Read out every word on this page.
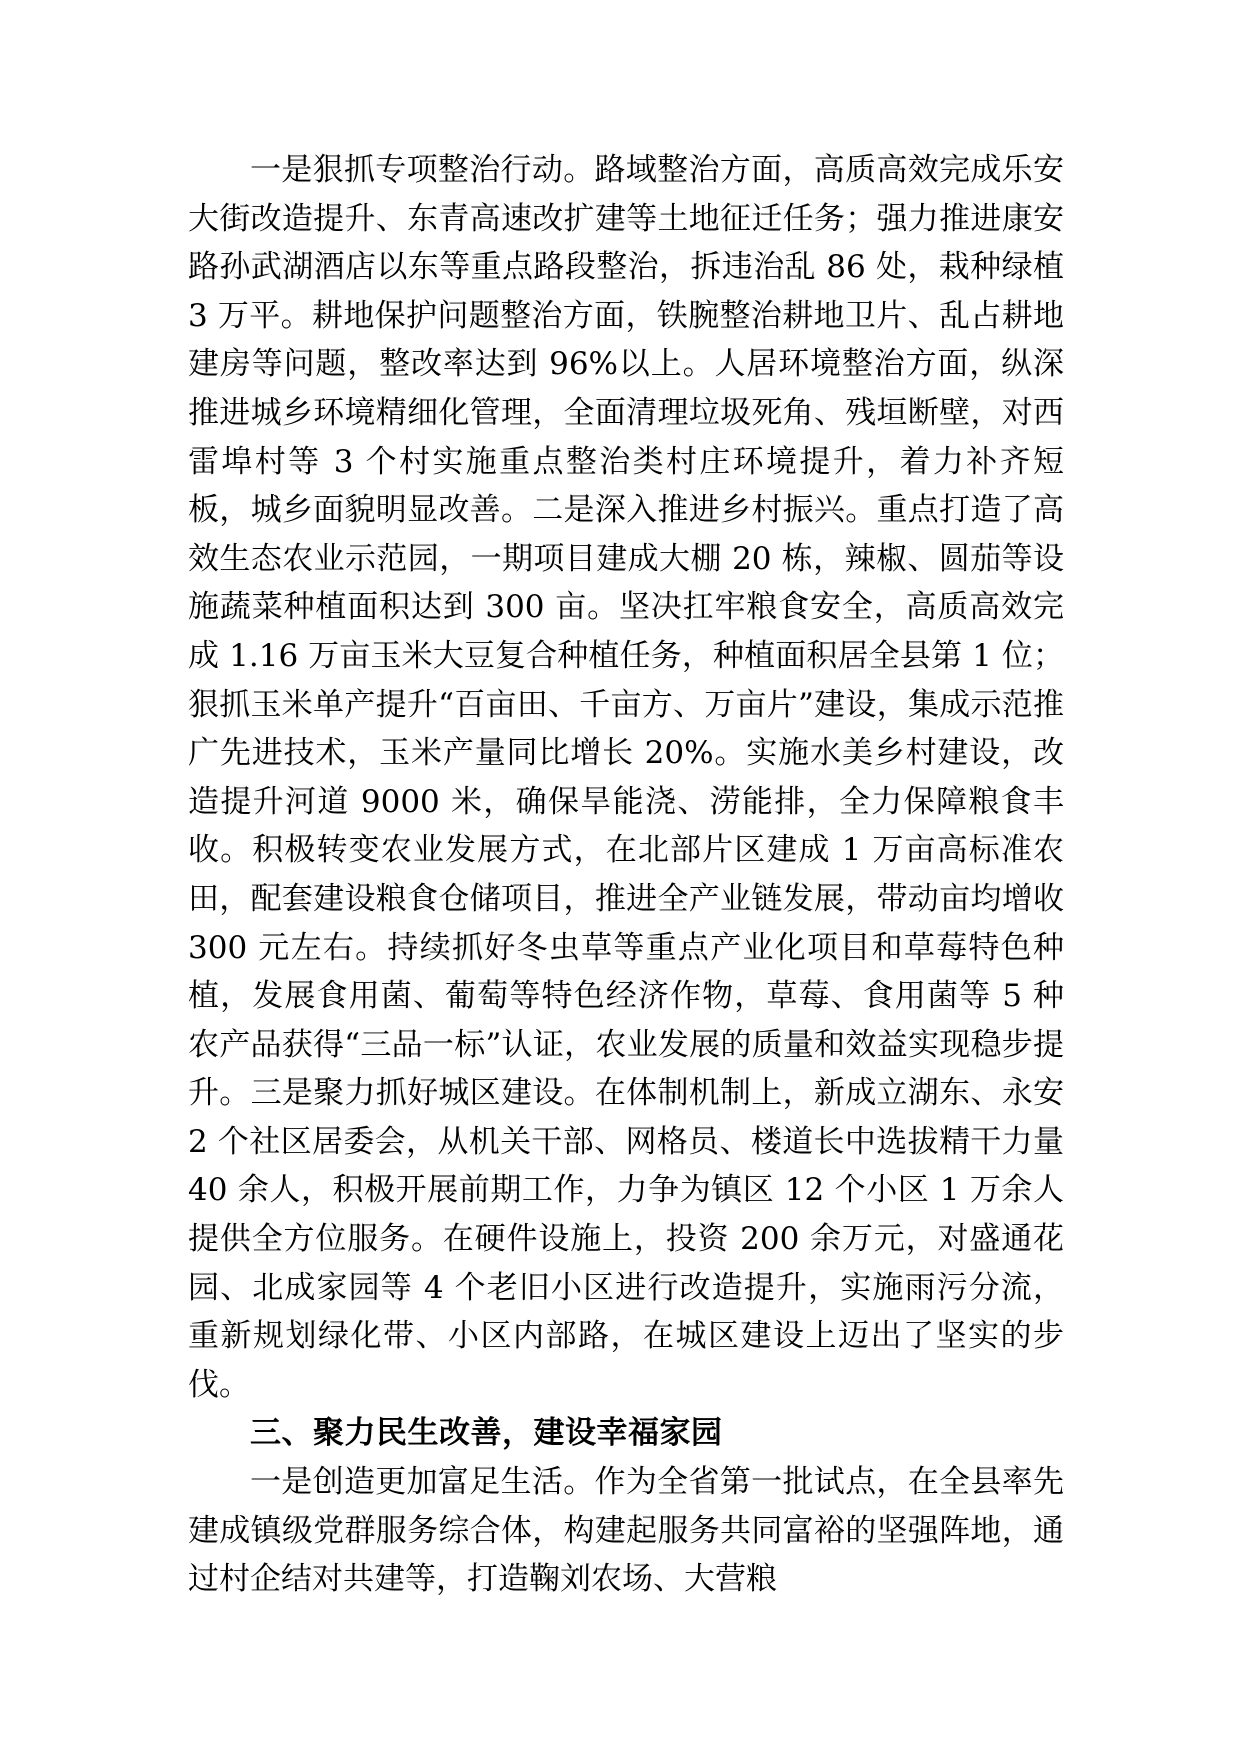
一是狠抓专项整治行动。路域整治方面，高质高效完成乐安大街改造提升、东青高速改扩建等土地征迁任务；强力推进康安路孙武湖酒店以东等重点路段整治，拆违治乱 86 处，栽种绿植 3 万平。耕地保护问题整治方面，铁腕整治耕地卫片、乱占耕地建房等问题，整改率达到 96%以上。人居环境整治方面，纵深推进城乡环境精细化管理，全面清理垃圾死角、残垣断壁，对西雷埠村等 3 个村实施重点整治类村庄环境提升，着力补齐短板，城乡面貌明显改善。二是深入推进乡村振兴。重点打造了高效生态农业示范园，一期项目建成大棚 20 栋，辣椒、圆茄等设施蔬菜种植面积达到 300 亩。坚决扛牢粮食安全，高质高效完成 1.16 万亩玉米大豆复合种植任务，种植面积居全县第 1 位；狠抓玉米单产提升“百亩田、千亩方、万亩片”建设，集成示范推广先进技术，玉米产量同比增长 20%。实施水美乡村建设，改造提升河道 9000 米，确保旱能浇、涝能排，全力保障粮食丰收。积极转变农业发展方式，在北部片区建成 1 万亩高标准农田，配套建设粮食仓储项目，推进全产业链发展，带动亩均增收 300 元左右。持续抓好冬虫草等重点产业化项目和草莓特色种植，发展食用菌、葡萄等特色经济作物，草莓、食用菌等 5 种农产品获得“三品一标”认证，农业发展的质量和效益实现稳步提升。三是聚力抓好城区建设。在体制机制上，新成立湖东、永安 2 个社区居委会，从机关干部、网格员、楼道长中选拔精干力量 40 余人，积极开展前期工作，力争为镇区 12 个小区 1 万余人提供全方位服务。在硬件设施上，投资 200 余万元，对盛通花园、北成家园等 4 个老旧小区进行改造提升，实施雨污分流，重新规划绿化带、小区内部路，在城区建设上迈出了坚实的步伐。

三、聚力民生改善，建设幸福家园

一是创造更加富足生活。作为全省第一批试点，在全县率先建成镇级党群服务综合体，构建起服务共同富裕的坚强阵地，通过村企结对共建等，打造鞠刘农场、大营粮
